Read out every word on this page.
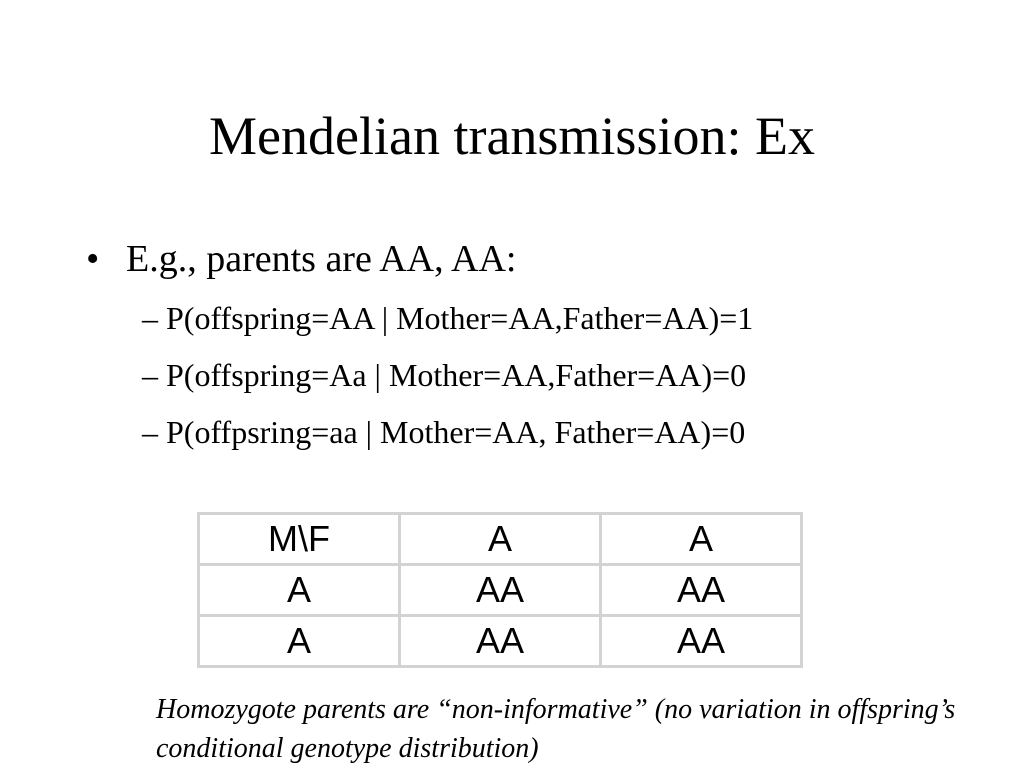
Mendelian transmission: Ex
• E.g., parents are AA, AA:
– P(offspring=AA | Mother=AA,Father=AA)=1
– P(offspring=Aa | Mother=AA,Father=AA)=0
– P(offpsring=aa | Mother=AA, Father=AA)=0
M\F	A	A
A	AA	AA
A	AA	AA
Homozygote parents are “non-informative” (no variation in offspring’s conditional genotype distribution)
